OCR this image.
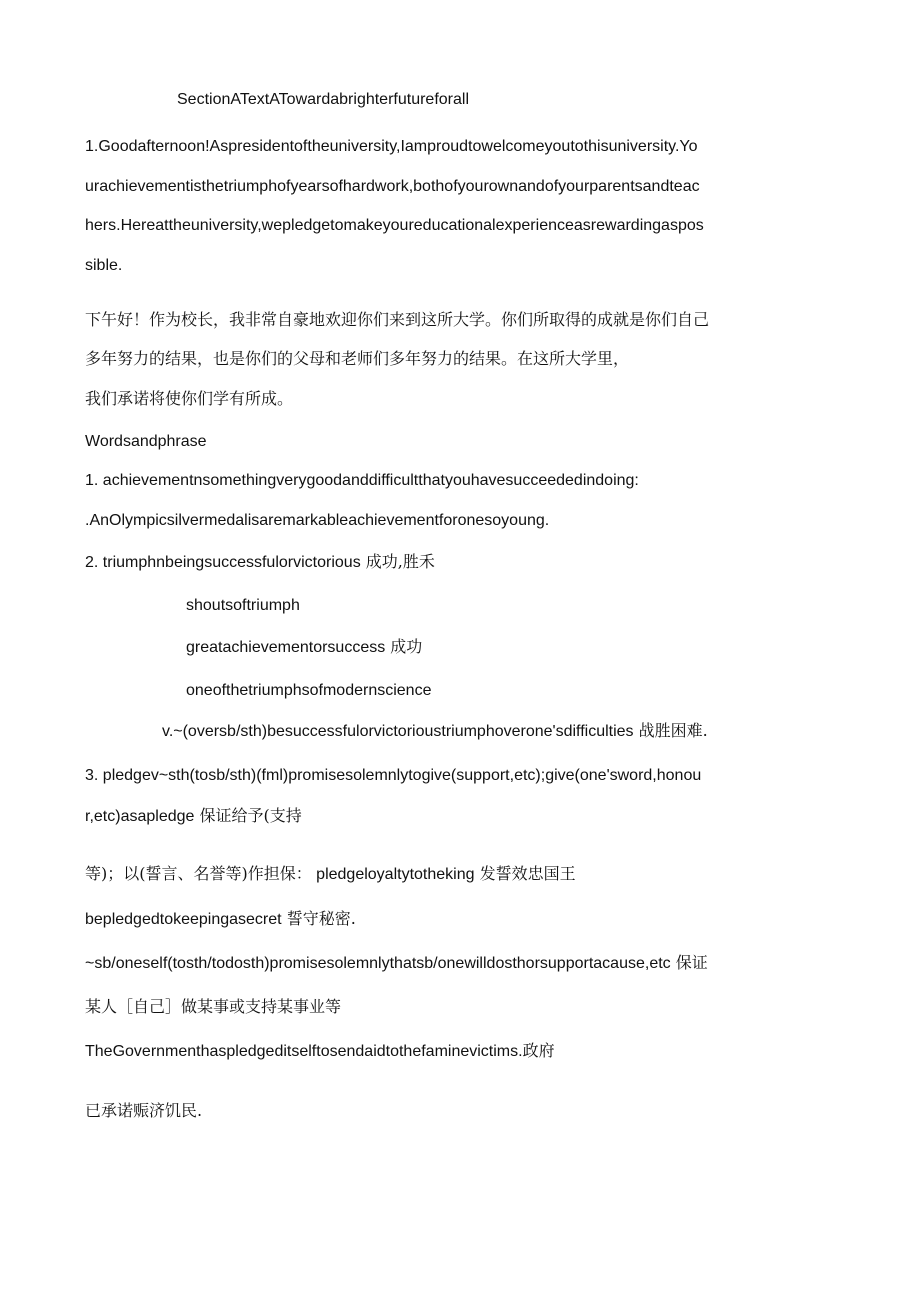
SectionATextATowardabrighterfutureforall
1.Goodafternoon!Aspresidentoftheuniversity,Iamproudtowelcomeyoutothisuniversity.Yo
urachievementisthetriumphofyearsofhardwork,bothofyourownandofyourparentsandteac
hers.Hereattheuniversity,wepledgetomakeyoureducationalexperienceasrewardingaspos
sible.
下午好！作为校长，我非常自豪地欢迎你们来到这所大学。你们所取得的成就是你们自己
多年努力的结果，也是你们的父母和老师们多年努力的结果。在这所大学里，
我们承诺将使你们学有所成。
Wordsandphrase
1. achievementnsomethingverygoodanddifficultthatyouhavesucceededindoing:
.AnOlympicsilvermedalisaremarkableachievementforonesoyoung.
2. triumphnbeingsuccessfulorvictorious 成功,胜禾
shoutsoftriumph
greatachievementorsuccess 成功
oneofthetriumphsofmodernscience
v.~(oversb/sth)besuccessfulorvictorioustriumphoverone'sdifficulties 战胜困难.
3. pledgev~sth(tosb/sth)(fml)promisesolemnlytogive(support,etc);give(one'sword,honou
r,etc)asapledge 保证给予(支持
等)；以(誓言、名誉等)作担保： pledgeloyaltytotheking 发誓效忠国王
bepledgedtokeepingasecret 誓守秘密.
~sb/oneself(tosth/todosth)promisesolemnlythatsb/onewilldosthorsupportacause,etc 保证
某人［自己］做某事或支持某事业等
TheGovernmenthaspledgeditselftosendaidtothefaminevictims.政府
已承诺赈济饥民.
